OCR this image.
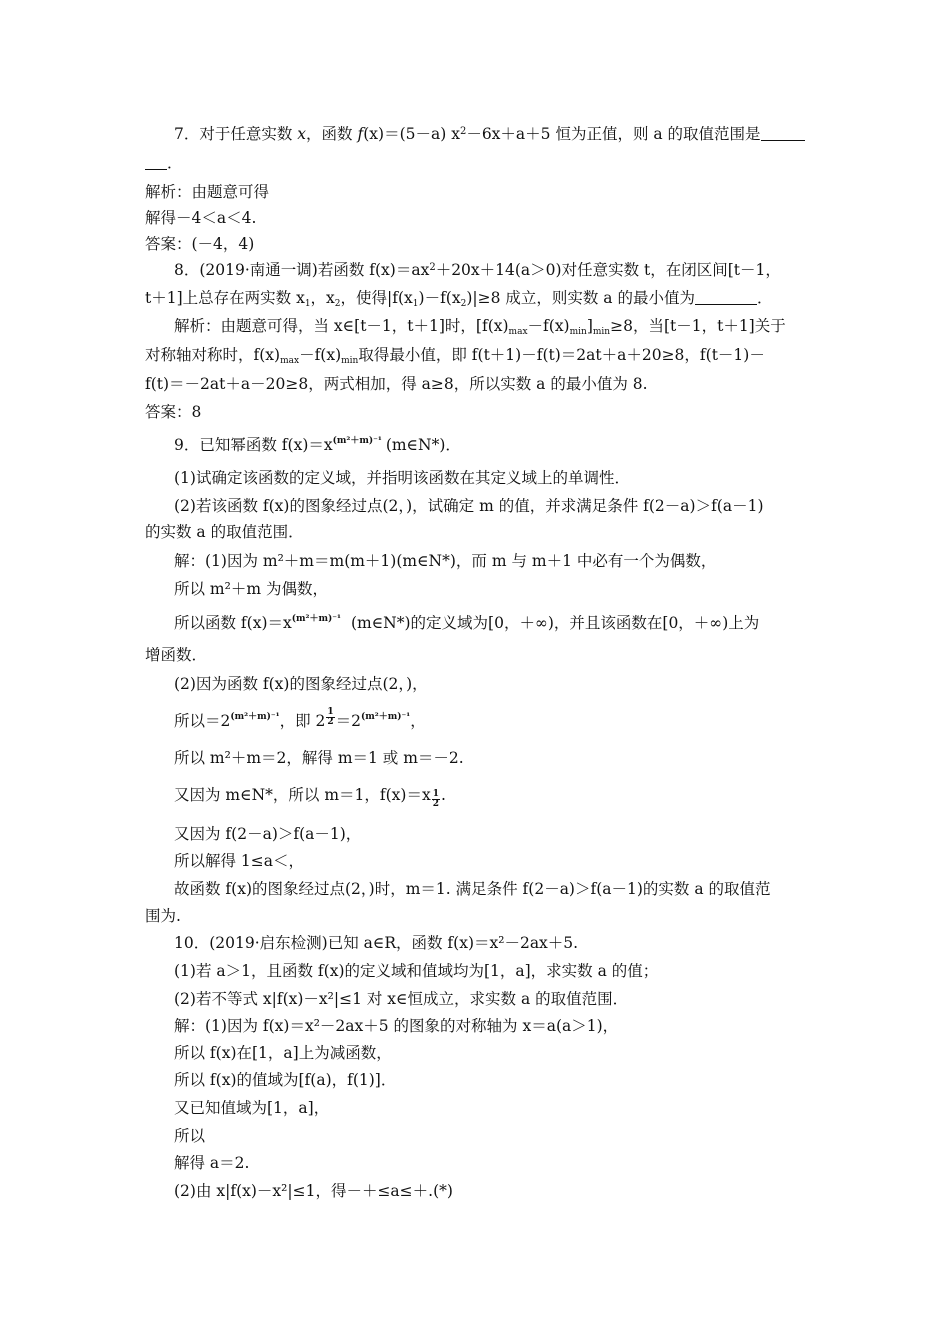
7．对于任意实数 x，函数 f(x)＝(5－a) $x^2-6x+a+5$ 恒为正值，则 a 的取值范围是
．
解析：由题意可得
解得－4＜a＜4.
答案：(－4，4)
8．(2019·南通一调)若函数 $f(x)=ax^2+20x+14(a>0)$对任意实数 t，在闭区间[t－1，
t＋1]上总存在两实数 $x_1$，$x_2$，使得$|f(x_1)-f(x_2)|\ge 8$ 成立，则实数 a 的最小值为	．
解析：由题意可得，当 x∈[t－1，t＋1]时，$[f(x)_{max}-f(x)_{min}]_{min}\ge 8$，当[t－1，t＋1]关于
对称轴对称时，$f(x)_{max}-f(x)_{min}$取得最小值，即 f(t＋1)－f(t)＝2at＋a＋20≥8，f(t－1)－
f(t)＝－2at＋a－20≥8，两式相加，得 a≥8，所以实数 a 的最小值为 8.
答案：8
9．已知幂函数 $f(x)=x^{(m^2+m)^{-1}}$ (m∈N*)．
(1)试确定该函数的定义域，并指明该函数在其定义域上的单调性．
(2)若该函数 f(x)的图象经过点(2，)，试确定 m 的值，并求满足条件 f(2－a)＞f(a－1)
的实数 a 的取值范围．
解：(1)因为 m²＋m＝m(m＋1)(m∈N*)，而 m 与 m＋1 中必有一个为偶数，
所以 m²＋m 为偶数，
所以函数 $f(x)=x^{(m^2+m)^{-1}}$ (m∈N*)的定义域为[0，＋∞)，并且该函数在[0，＋∞)上为
增函数．
(2)因为函数 f(x)的图象经过点(2，)，
所以$=2^{(m^2+m)^{-1}}$，即 $2 \frac{1}{2} =2^{(m^2+m)^{-1}}$，
所以 m²＋m＝2，解得 m＝1 或 m＝－2.
又因为 m∈N*，所以 m＝1，$f(x)=x \frac{1}{2}$ .
又因为 f(2－a)＞f(a－1)，
所以解得 1≤a＜，
故函数 f(x)的图象经过点(2，)时，m＝1. 满足条件 f(2－a)＞f(a－1)的实数 a 的取值范
围为.
10．(2019·启东检测)已知 a∈R，函数 f(x)＝x²－2ax＋5.
(1)若 a＞1，且函数 f(x)的定义域和值域均为[1，a]，求实数 a 的值；
(2)若不等式 x|f(x)－x²|≤1 对 x∈恒成立，求实数 a 的取值范围．
解：(1)因为 f(x)＝x²－2ax＋5 的图象的对称轴为 x＝a(a＞1)，
所以 f(x)在[1，a]上为减函数，
所以 f(x)的值域为[f(a)，f(1)]．
又已知值域为[1，a]，
所以
解得 a＝2.
(2)由 x|f(x)－x²|≤1，得－＋≤a≤＋.(*)
